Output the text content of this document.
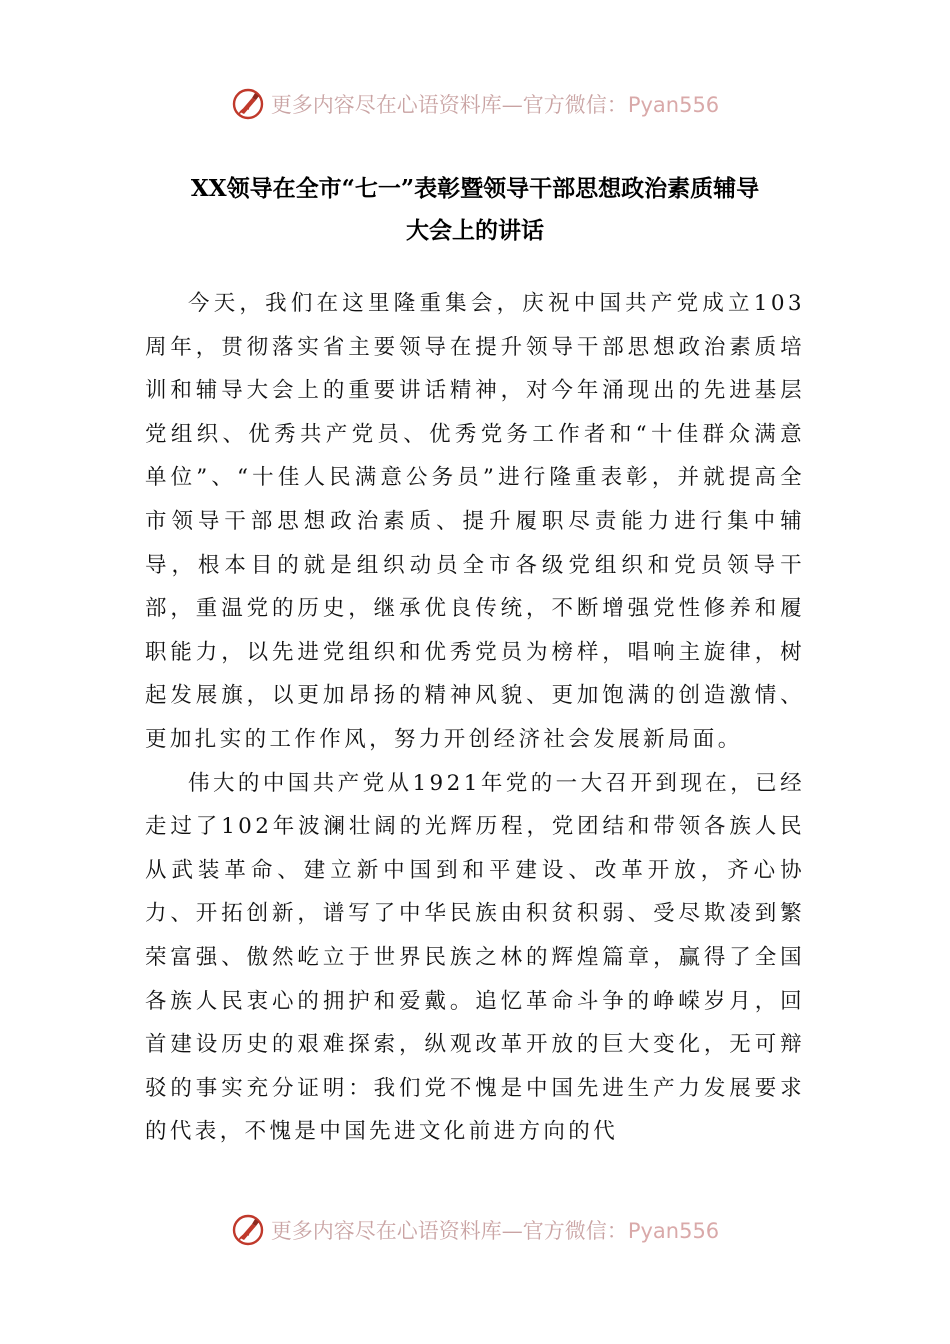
更多内容尽在心语资料库—官方微信：Pyan556
XX领导在全市“七一”表彰暨领导干部思想政治素质辅导
大会上的讲话

今天，我们在这里隆重集会，庆祝中国共产党成立103周年，贯彻落实省主要领导在提升领导干部思想政治素质培训和辅导大会上的重要讲话精神，对今年涌现出的先进基层党组织、优秀共产党员、优秀党务工作者和“十佳群众满意单位”、“十佳人民满意公务员”进行隆重表彰，并就提高全市领导干部思想政治素质、提升履职尽责能力进行集中辅导，根本目的就是组织动员全市各级党组织和党员领导干部，重温党的历史，继承优良传统，不断增强党性修养和履职能力，以先进党组织和优秀党员为榜样，唱响主旋律，树起发展旗，以更加昂扬的精神风貌、更加饱满的创造激情、更加扎实的工作作风，努力开创经济社会发展新局面。

伟大的中国共产党从1921年党的一大召开到现在，已经走过了102年波澜壮阔的光辉历程，党团结和带领各族人民从武装革命、建立新中国到和平建设、改革开放，齐心协力、开拓创新，谱写了中华民族由积贫积弱、受尽欺凌到繁荣富强、傲然屹立于世界民族之林的辉煌篇章，赢得了全国各族人民衷心的拥护和爱戴。追忆革命斗争的峥嵘岁月，回首建设历史的艰难探索，纵观改革开放的巨大变化，无可辩驳的事实充分证明：我们党不愧是中国先进生产力发展要求的代表，不愧是中国先进文化前进方向的代

更多内容尽在心语资料库—官方微信：Pyan556
